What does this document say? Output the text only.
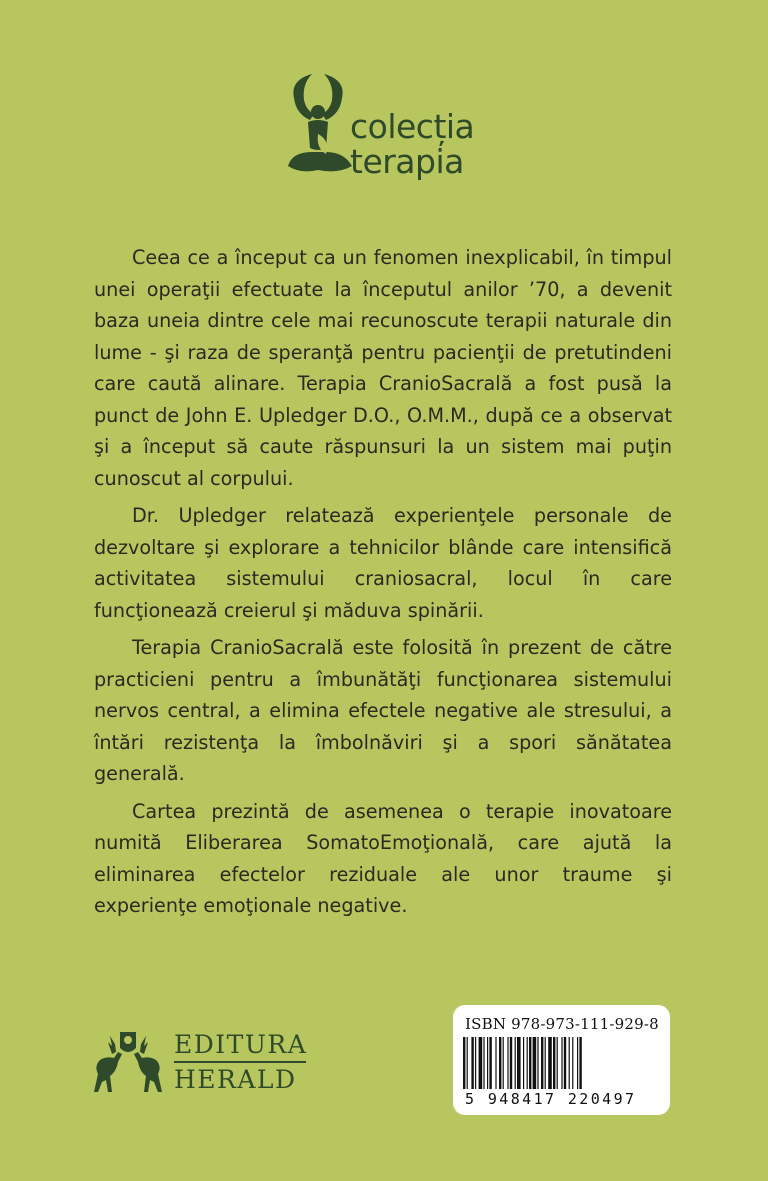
colecția
terapia

Ceea ce a început ca un fenomen inexplicabil, în timpul unei operaţii efectuate la începutul anilor ’70, a devenit baza uneia dintre cele mai recunoscute terapii naturale din lume - şi raza de speranţă pentru pacienţii de pretutindeni care caută alinare. Terapia CranioSacrală a fost pusă la punct de John E. Upledger D.O., O.M.M., după ce a observat şi a început să caute răspunsuri la un sistem mai puţin cunoscut al corpului.

Dr. Upledger relatează experienţele personale de dezvoltare şi explorare a tehnicilor blânde care intensifică activitatea sistemului craniosacral, locul în care funcţionează creierul şi măduva spinării.

Terapia CranioSacrală este folosită în prezent de către practicieni pentru a îmbunătăţi funcţionarea sistemului nervos central, a elimina efectele negative ale stresului, a întări rezistenţa la îmbolnăviri şi a spori sănătatea generală.

Cartea prezintă de asemenea o terapie inovatoare numită Eliberarea SomatoEmoţională, care ajută la eliminarea efectelor reziduale ale unor traume şi experienţe emoţionale negative.

EDITURA
HERALD
ISBN 978-973-111-929-8
5 948417 220497
